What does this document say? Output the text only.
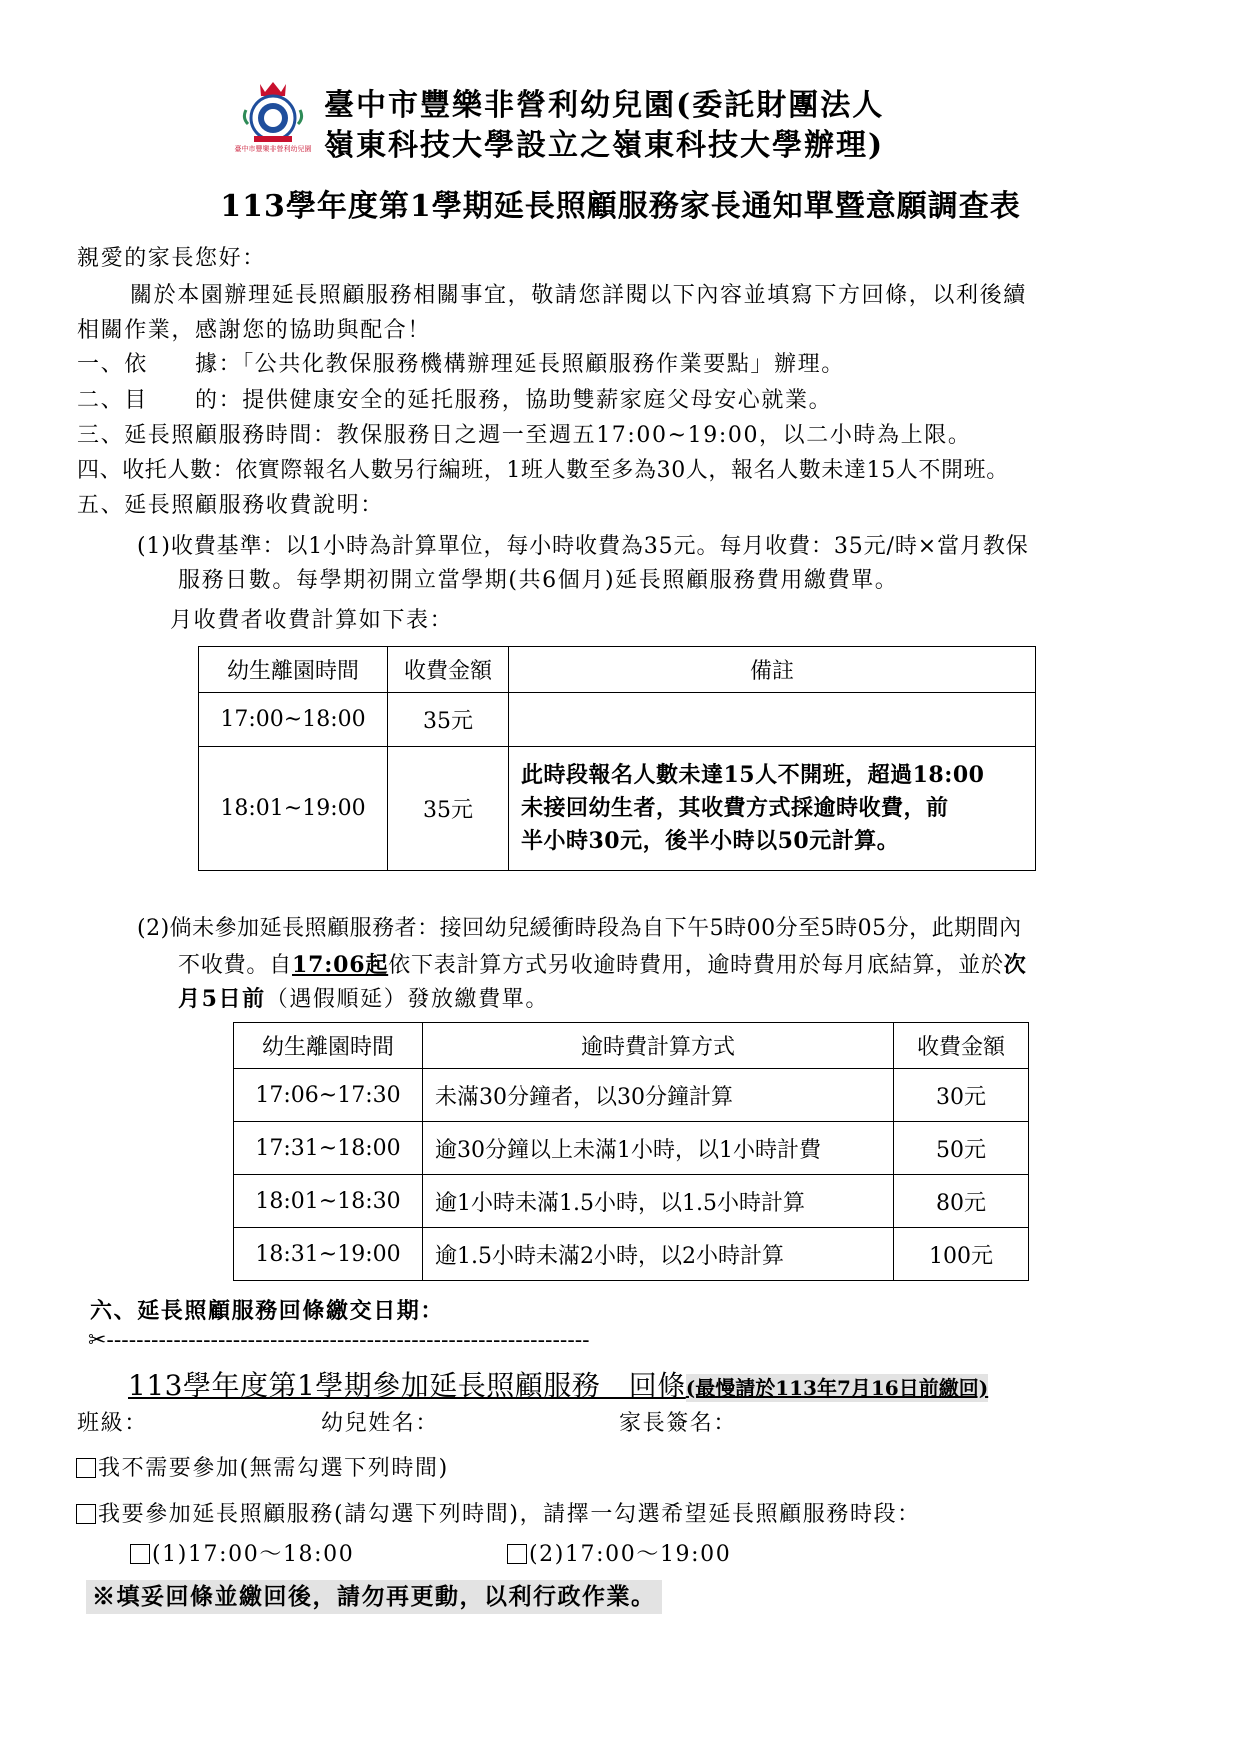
臺中市豐樂非營利幼兒園
臺中市豐樂非營利幼兒園(委託財團法人
嶺東科技大學設立之嶺東科技大學辦理)
113學年度第1學期延長照顧服務家長通知單暨意願調查表
親愛的家長您好：
關於本園辦理延長照顧服務相關事宜，敬請您詳閱以下內容並填寫下方回條，以利後續
相關作業，感謝您的協助與配合！
一、依　　據：「公共化教保服務機構辦理延長照顧服務作業要點」辦理。
二、目　　的：提供健康安全的延托服務，協助雙薪家庭父母安心就業。
三、延長照顧服務時間：教保服務日之週一至週五17:00~19:00，以二小時為上限。
四、收托人數：依實際報名人數另行編班，1班人數至多為30人，報名人數未達15人不開班。
五、延長照顧服務收費說明：
(1)收費基準：以1小時為計算單位，每小時收費為35元。每月收費：35元/時×當月教保
服務日數。每學期初開立當學期(共6個月)延長照顧服務費用繳費單。
月收費者收費計算如下表：
幼生離園時間	收費金額	備註
17:00~18:00	35元	
18:01~19:00	35元	此時段報名人數未達15人不開班，超過18:00
未接回幼生者，其收費方式採逾時收費，前
半小時30元，後半小時以50元計算。
(2)倘未參加延長照顧服務者：接回幼兒緩衝時段為自下午5時00分至5時05分，此期間內
不收費。自17:06起依下表計算方式另收逾時費用，逾時費用於每月底結算，並於次
月5日前（遇假順延）發放繳費單。
幼生離園時間	逾時費計算方式	收費金額
17:06~17:30	未滿30分鐘者，以30分鐘計算	30元
17:31~18:00	逾30分鐘以上未滿1小時，以1小時計費	50元
18:01~18:30	逾1小時未滿1.5小時，以1.5小時計算	80元
18:31~19:00	逾1.5小時未滿2小時，以2小時計算	100元
六、延長照顧服務回條繳交日期：
✂-----------------------------------------------------------------
113學年度第1學期參加延長照顧服務　回條(最慢請於113年7月16日前繳回)
班級：	幼兒姓名：	家長簽名：
我不需要參加(無需勾選下列時間)
我要參加延長照顧服務(請勾選下列時間)，請擇一勾選希望延長照顧服務時段：
(1)17:00～18:00	(2)17:00～19:00
※填妥回條並繳回後，請勿再更動，以利行政作業。
